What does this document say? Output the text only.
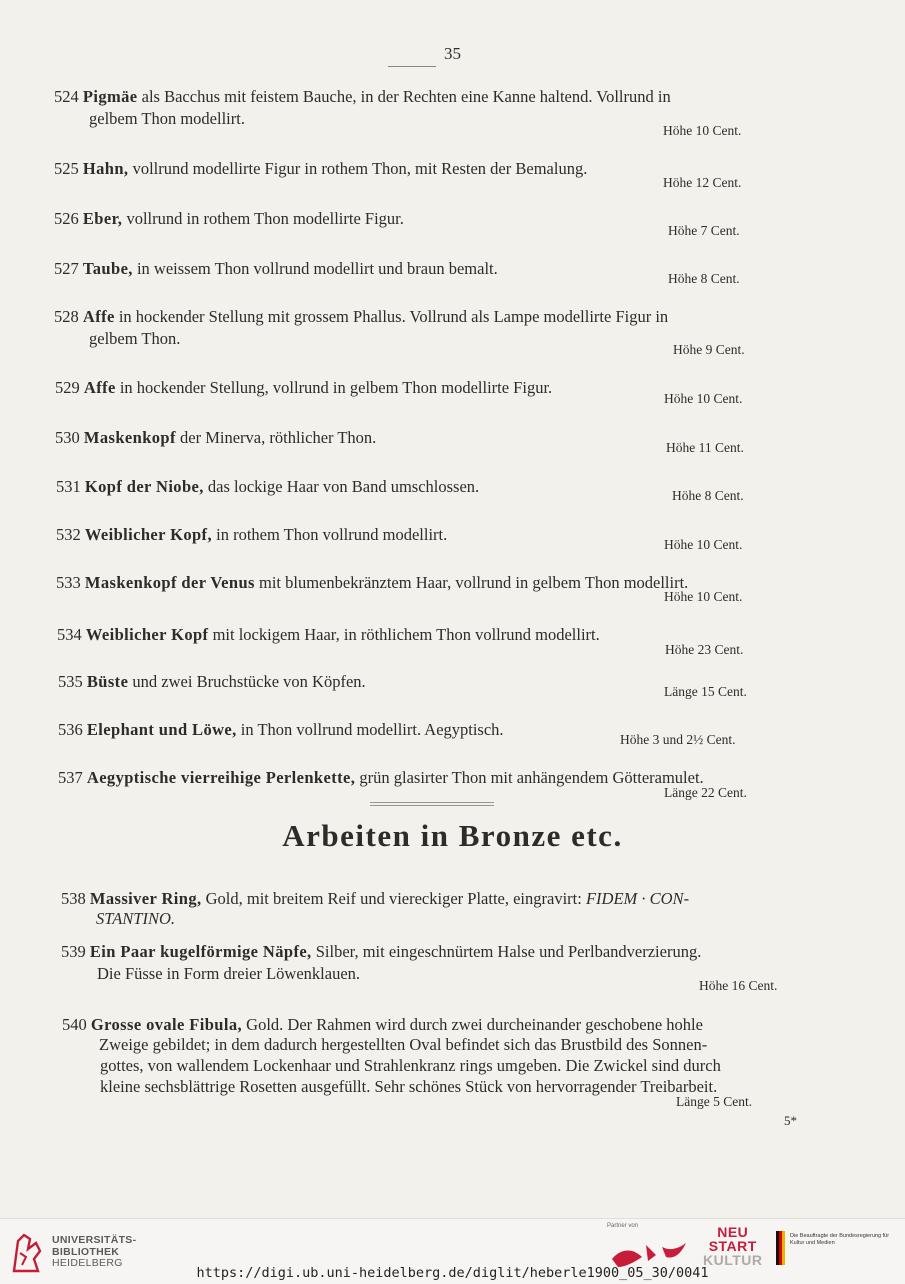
35
524 Pigmäe als Bacchus mit feistem Bauche, in der Rechten eine Kanne haltend. Vollrund in
gelbem Thon modellirt.
Höhe 10 Cent.
525 Hahn, vollrund modellirte Figur in rothem Thon, mit Resten der Bemalung.
Höhe 12 Cent.
526 Eber, vollrund in rothem Thon modellirte Figur.
Höhe 7 Cent.
527 Taube, in weissem Thon vollrund modellirt und braun bemalt.
Höhe 8 Cent.
528 Affe in hockender Stellung mit grossem Phallus. Vollrund als Lampe modellirte Figur in
gelbem Thon.
Höhe 9 Cent.
529 Affe in hockender Stellung, vollrund in gelbem Thon modellirte Figur.
Höhe 10 Cent.
530 Maskenkopf der Minerva, röthlicher Thon.
Höhe 11 Cent.
531 Kopf der Niobe, das lockige Haar von Band umschlossen.	Höhe 8 Cent.
532 Weiblicher Kopf, in rothem Thon vollrund modellirt.
Höhe 10 Cent.
533 Maskenkopf der Venus mit blumenbekränztem Haar, vollrund in gelbem Thon modellirt.
Höhe 10 Cent.
534 Weiblicher Kopf mit lockigem Haar, in röthlichem Thon vollrund modellirt.
Höhe 23 Cent.
535 Büste und zwei Bruchstücke von Köpfen.
Länge 15 Cent.
536 Elephant und Löwe, in Thon vollrund modellirt. Aegyptisch.
Höhe 3 und 2½ Cent.
537 Aegyptische vierreihige Perlenkette, grün glasirter Thon mit anhängendem Götteramulet.
Länge 22 Cent.
Arbeiten in Bronze etc.
538 Massiver Ring, Gold, mit breitem Reif und viereckiger Platte, eingravirt: FIDEM · CON-
STANTINO.
539 Ein Paar kugelförmige Näpfe, Silber, mit eingeschnürtem Halse und Perlbandverzierung.
Die Füsse in Form dreier Löwenklauen.
Höhe 16 Cent.
540 Grosse ovale Fibula, Gold. Der Rahmen wird durch zwei durcheinander geschobene hohle
Zweige gebildet; in dem dadurch hergestellten Oval befindet sich das Brustbild des Sonnen-
gottes, von wallendem Lockenhaar und Strahlenkranz rings umgeben. Die Zwickel sind durch
kleine sechsblättrige Rosetten ausgefüllt. Sehr schönes Stück von hervorragender Treibarbeit.
Länge 5 Cent.
5*
UNIVERSITÄTS-
BIBLIOTHEK
HEIDELBERG
https://digi.ub.uni-heidelberg.de/diglit/heberle1900_05_30/0041
Partner von	NEU
START
KULTUR
Die Beauftragte der Bundesregierung für Kultur und Medien
